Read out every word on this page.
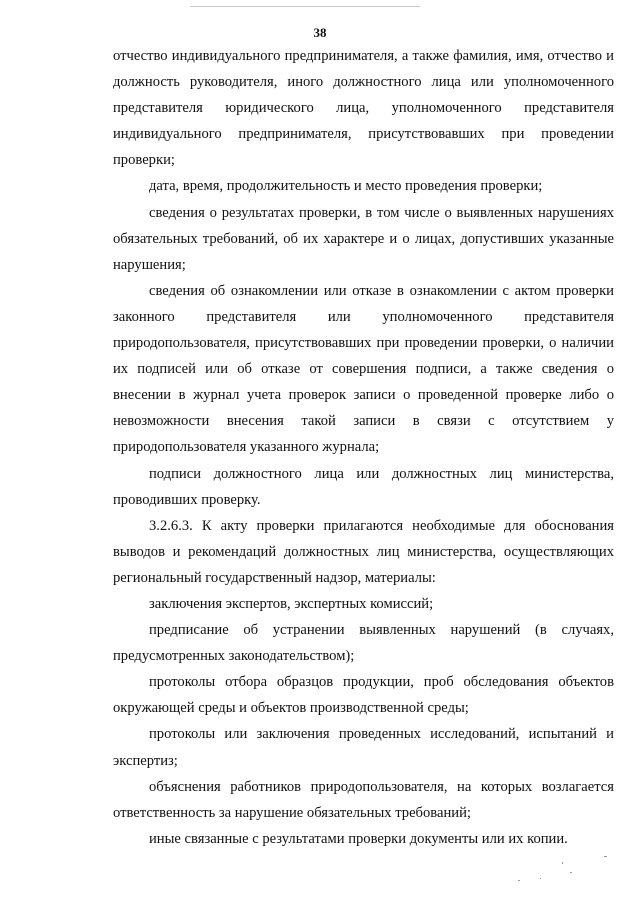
38

отчество индивидуального предпринимателя, а также фамилия, имя, отчество и должность руководителя, иного должностного лица или уполномоченного представителя юридического лица, уполномоченного представителя индивидуального предпринимателя, присутствовавших при проведении проверки;

дата, время, продолжительность и место проведения проверки;

сведения о результатах проверки, в том числе о выявленных нарушениях обязательных требований, об их характере и о лицах, допустивших указанные нарушения;

сведения об ознакомлении или отказе в ознакомлении с актом проверки законного представителя или уполномоченного представителя природопользователя, присутствовавших при проведении проверки, о наличии их подписей или об отказе от совершения подписи, а также сведения о внесении в журнал учета проверок записи о проведенной проверке либо о невозможности внесения такой записи в связи с отсутствием у природопользователя указанного журнала;

подписи должностного лица или должностных лиц министерства, проводивших проверку.

3.2.6.3. К акту проверки прилагаются необходимые для обоснования выводов и рекомендаций должностных лиц министерства, осуществляющих региональный государственный надзор, материалы:

заключения экспертов, экспертных комиссий;

предписание об устранении выявленных нарушений (в случаях, предусмотренных законодательством);

протоколы отбора образцов продукции, проб обследования объектов окружающей среды и объектов производственной среды;

протоколы или заключения проведенных исследований, испытаний и экспертиз;

объяснения работников природопользователя, на которых возлагается ответственность за нарушение обязательных требований;

иные связанные с результатами проверки документы или их копии.
